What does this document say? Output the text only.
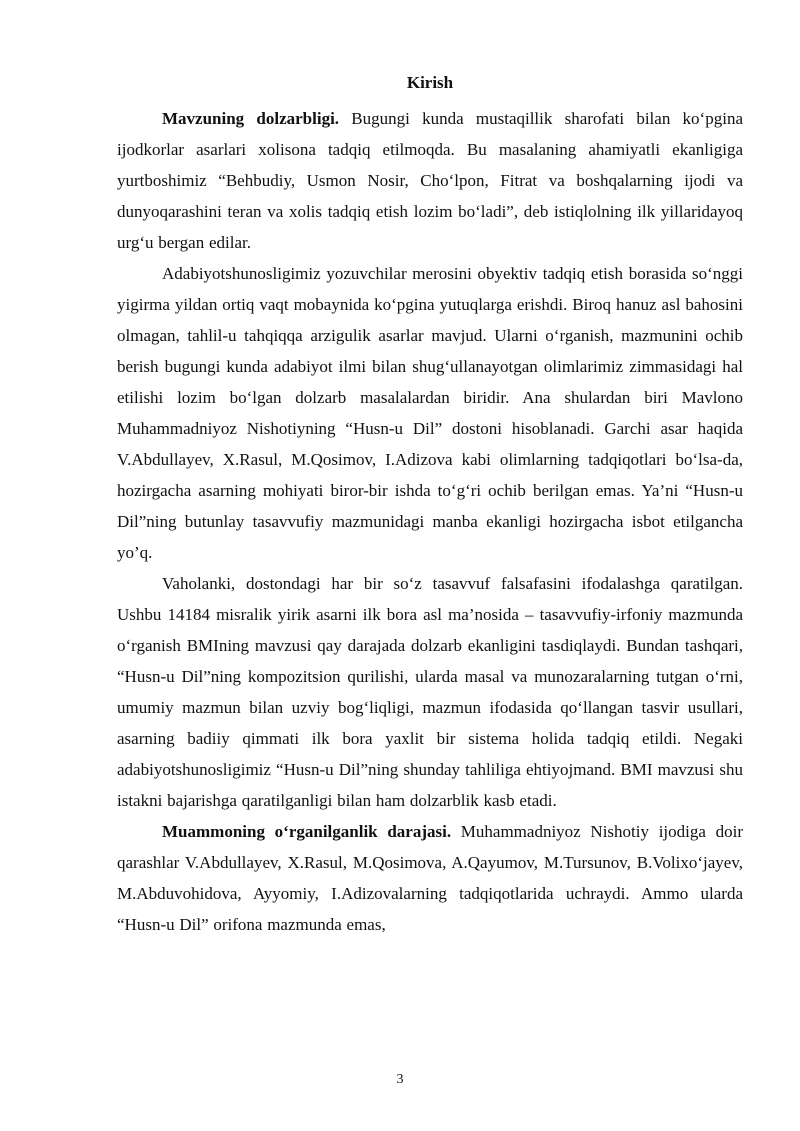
Kirish

Mavzuning dolzarbligi. Bugungi kunda mustaqillik sharofati bilan ko‘pgina ijodkorlar asarlari xolisona tadqiq etilmoqda. Bu masalaning ahamiyatli ekanligiga yurtboshimiz “Behbudiy, Usmon Nosir, Cho‘lpon, Fitrat va boshqalarning ijodi va dunyoqarashini teran va xolis tadqiq etish lozim bo‘ladi”, deb istiqlolning ilk yillaridayoq urg‘u bergan edilar.

Adabiyotshunosligimiz yozuvchilar merosini obyektiv tadqiq etish borasida so‘nggi yigirma yildan ortiq vaqt mobaynida ko‘pgina yutuqlarga erishdi. Biroq hanuz asl bahosini olmagan, tahlil-u tahqiqqa arzigulik asarlar mavjud. Ularni o‘rganish, mazmunini ochib berish bugungi kunda adabiyot ilmi bilan shug‘ullanayotgan olimlarimiz zimmasidagi hal etilishi lozim bo‘lgan dolzarb masalalardan biridir. Ana shulardan biri Mavlono Muhammadniyoz Nishotiyning “Husn-u Dil” dostoni hisoblanadi. Garchi asar haqida V.Abdullayev, X.Rasul, M.Qosimov, I.Adizova kabi olimlarning tadqiqotlari bo‘lsa-da, hozirgacha asarning mohiyati biror-bir ishda to‘g‘ri ochib berilgan emas. Ya’ni “Husn-u Dil”ning butunlay tasavvufiy mazmunidagi manba ekanligi hozirgacha isbot etilgancha yo’q.

Vaholanki, dostondagi har bir so‘z tasavvuf falsafasini ifodalashga qaratilgan. Ushbu 14184 misralik yirik asarni ilk bora asl ma’nosida – tasavvufiy-irfoniy mazmunda o‘rganish BMIning mavzusi qay darajada dolzarb ekanligini tasdiqlaydi. Bundan tashqari, “Husn-u Dil”ning kompozitsion qurilishi, ularda masal va munozaralarning tutgan o‘rni, umumiy mazmun bilan uzviy bog‘liqligi, mazmun ifodasida qo‘llangan tasvir usullari, asarning badiiy qimmati ilk bora yaxlit bir sistema holida tadqiq etildi. Negaki adabiyotshunosligimiz “Husn-u Dil”ning shunday tahliliga ehtiyojmand. BMI mavzusi shu istakni bajarishga qaratilganligi bilan ham dolzarblik kasb etadi.

Muammoning o‘rganilganlik darajasi. Muhammadniyoz Nishotiy ijodiga doir qarashlar V.Abdullayev, X.Rasul, M.Qosimova, A.Qayumov, M.Tursunov, B.Volixo‘jayev, M.Abduvohidova, Ayyomiy, I.Adizovalarning tadqiqotlarida uchraydi. Ammo ularda “Husn-u Dil” orifona mazmunda emas,

3
